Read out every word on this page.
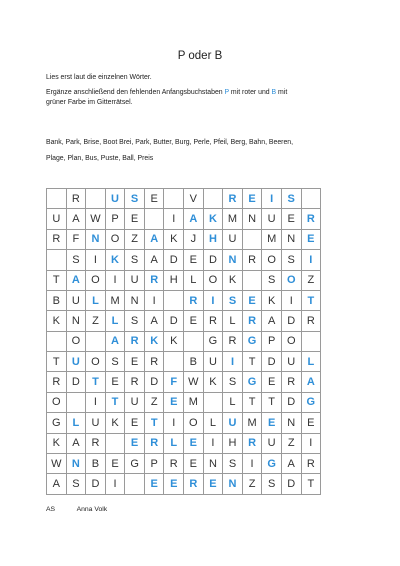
P oder B
Lies erst laut die einzelnen Wörter.
Ergänze anschließend den fehlenden Anfangsbuchstaben P mit roter und B mit
grüner Farbe im Gitterrätsel.
Bank, Park, Brise, Boot Brei, Park, Butter, Burg, Perle, Pfeil, Berg, Bahn, Beeren,
Plage, Plan, Bus, Puste, Ball, Preis
	R		U	S	E		V		R	E	I	S	
U	A	W	P	E		I	A	K	M	N	U	E	R
R	F	N	O	Z	A	K	J	H	U		M	N	E
	S	I	K	S	A	D	E	D	N	R	O	S	I
T	A	O	I	U	R	H	L	O	K		S	O	Z
B	U	L	M	N	I		R	I	S	E	K	I	T
K	N	Z	L	S	A	D	E	R	L	R	A	D	R
	O		A	R	K	K		G	R	G	P	O	
T	U	O	S	E	R		B	U	I	T	D	U	L
R	D	T	E	R	D	F	W	K	S	G	E	R	A
O		I	T	U	Z	E	M		L	T	T	D	G
G	L	U	K	E	T	I	O	L	U	M	E	N	E
K	A	R		E	R	L	E	I	H	R	U	Z	I
W	N	B	E	G	P	R	E	N	S	I	G	A	R
A	S	D	I		E	E	R	E	N	Z	S	D	T
AS	Anna Volk
